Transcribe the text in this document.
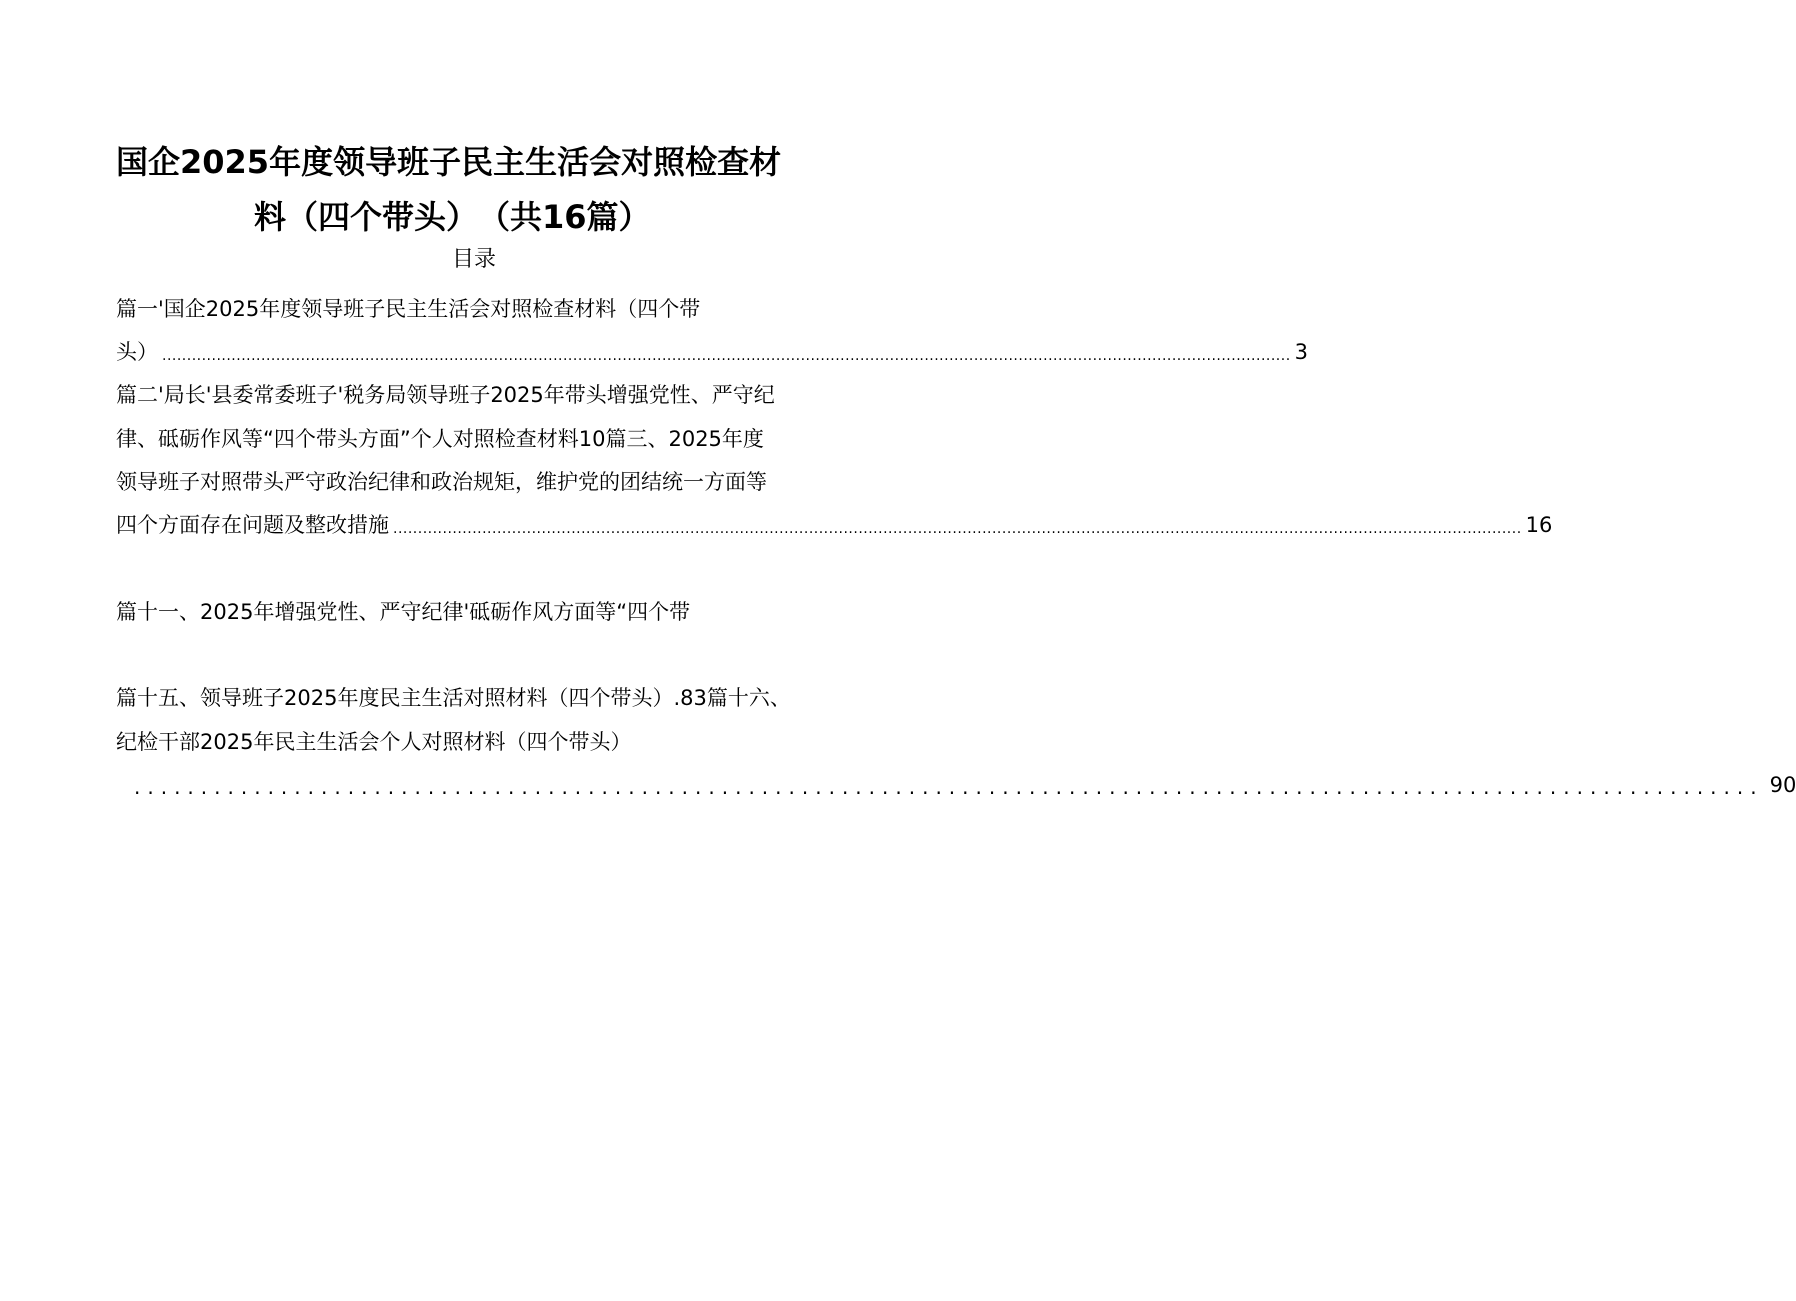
国企2025年度领导班子民主生活会对照检查材
料（四个带头）　（共16篇）
目录
篇一'国企2025年度领导班子民主生活会对照检查材料（四个带
头） .................................................................................................................................................................................................................................... 3
篇二'局长'县委常委班子'税务局领导班子2025年带头增强党性、严守纪
律、砥砺作风等“四个带头方面”个人对照检查材料10篇三、2025年度
领导班子对照带头严守政治纪律和政治规矩，维护党的团结统一方面等
四个方面存在问题及整改措施 .................................................................................................................................................................................................................................... 16
篇十一、2025年增强党性、严守纪律'砥砺作风方面等“四个带
篇十五、领导班子2025年度民主生活对照材料（四个带头）.83篇十六、
纪检干部2025年民主生活会个人对照材料（四个带头）
.......................................................................................................................... 90
